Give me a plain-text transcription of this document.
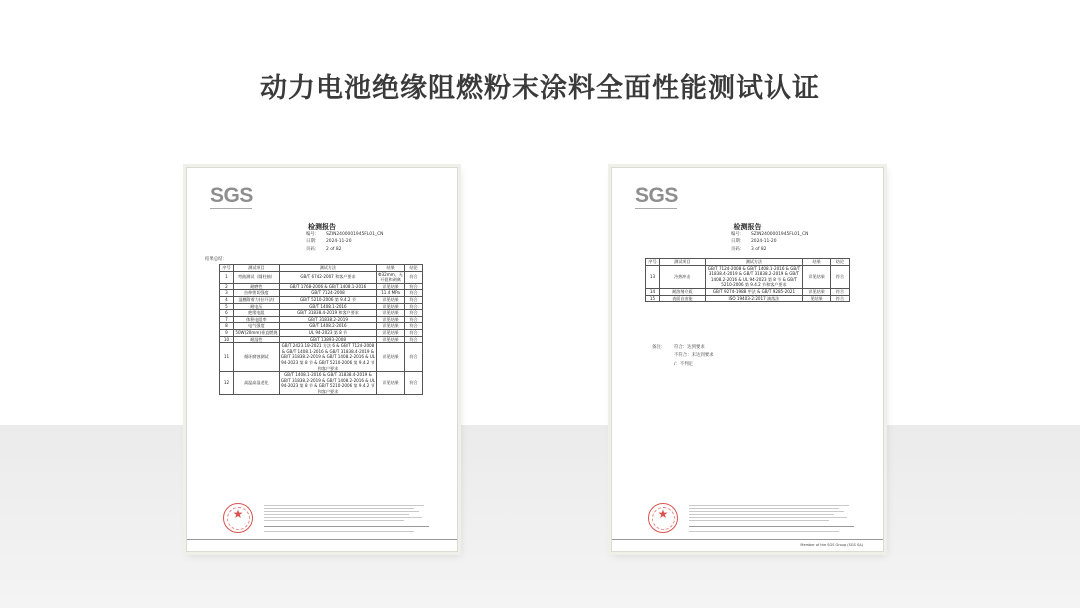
动力电池绝缘阻燃粉末涂料全面性能测试认证
SGS
检测报告
编号： SZIN2400001945FL01_CN
日期： 2024-11-20
页码： 2 of 82
结果总结：
序号	测试项目	测试方法	结果	结论
1	弯曲测试（圆柱轴）	GB/T 6742-2007 和客户要求	Φ32mm，无开裂和剥离	符合
2	耐磨性	GB/T 1768-2006 & GB/T 1408.1-2016	详见结果	符合
3	拉伸剪切强度	GB/T 7124-2008	11.4 MPa	符合
4	湿膜附着力(拉开法)	GB/T 5210-2006 第 9.4.2 节	详见结果	符合
5	耐电压	GB/T 1408.1-2016	详见结果	符合
6	绝缘电阻	GB/T 31838.4-2019 和客户要求	详见结果	符合
7	体积电阻率	GB/T 31838.2-2019	详见结果	符合
8	电气强度	GB/T 1408.2-2016	详见结果	符合
9	50W(20mm)垂直燃烧	UL 94-2023 第 8 节	详见结果	符合
10	耐湿性	GB/T 13893-2008	详见结果	符合
11	循环腐蚀测试	GB/T 2423.18-2021 方法 6 & GB/T 7124-2008 & GB/T 1408.1-2016 & GB/T 31838.4-2019 & GB/T 31838.2-2019 & GB/T 1408.2-2016 & UL 94-2023 第 8 节 & GB/T 5210-2006 第 9.4.2 节和客户要求	详见结果	符合
12	高温高湿老化	GB/T 1408.1-2016 & GB/T 31838.4-2019 & GB/T 31838.2-2019 & GB/T 1408.2-2016 & UL 94-2023 第 8 节 & GB/T 5210-2006 第 9.4.2 节和客户要求	详见结果	符合
★
SGS
检测报告
编号： SZIN2400001945FL01_CN
日期： 2024-11-20
页码： 3 of 82
序号	测试项目	测试方法	结果	结论
13	冷热冲击	GB/T 7124-2008 & GB/T 1408.1-2016 & GB/T 31838.4-2019 & GB/T 31838.2-2019 & GB/T 1408.2-2016 & UL 94-2023 第 8 节 & GB/T 5210-2006 第 9.4.2 节和客户要求	详见结果	符合
14	耐溶剂介质	GB/T 9274-1988 甲法 & GB/T 9285-2021	详见结果	符合
15	表面自由能	ISO 19403-2:2017 滴落法	见结果	符合
备注： 符合：达到要求
不符合：未达到要求
/：不判定
★
Member of the SGS Group (SGS SA)
